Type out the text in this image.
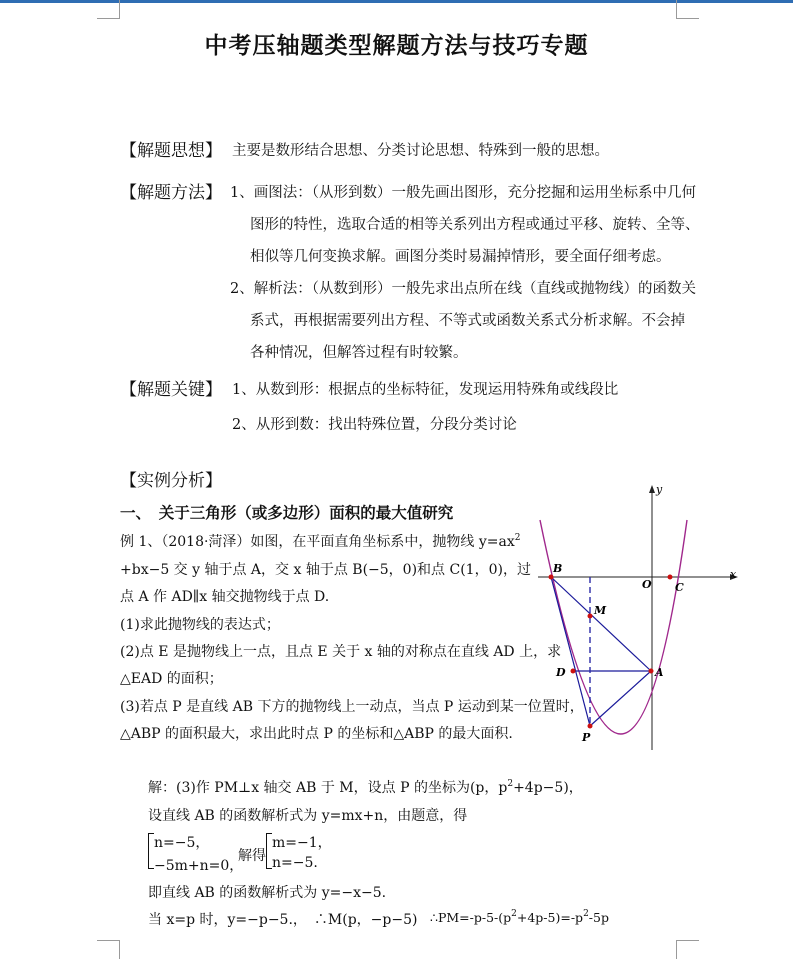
中考压轴题类型解题方法与技巧专题
【解题思想】 主要是数形结合思想、分类讨论思想、特殊到一般的思想。
【解题方法】 1、画图法：（从形到数）一般先画出图形，充分挖掘和运用坐标系中几何
图形的特性，选取合适的相等关系列出方程或通过平移、旋转、全等、
相似等几何变换求解。画图分类时易漏掉情形，要全面仔细考虑。
2、解析法：（从数到形）一般先求出点所在线（直线或抛物线）的函数关
系式，再根据需要列出方程、不等式或函数关系式分析求解。不会掉
各种情况，但解答过程有时较繁。
【解题关键】 1、从数到形：根据点的坐标特征，发现运用特殊角或线段比
2、从形到数：找出特殊位置，分段分类讨论
【实例分析】
一、　关于三角形（或多边形）面积的最大值研究
例 1、（2018·菏泽）如图，在平面直角坐标系中，抛物线 $y=ax^2$
+bx−5 交 y 轴于点 A，交 x 轴于点 B(−5，0)和点 C(1，0)，过
点 A 作 AD∥x 轴交抛物线于点 D.
(1)求此抛物线的表达式；
(2)点 E 是抛物线上一点，且点 E 关于 x 轴的对称点在直线 AD 上，求
△EAD 的面积；
(3)若点 P 是直线 AB 下方的抛物线上一动点，当点 P 运动到某一位置时，
△ABP 的面积最大，求出此时点 P 的坐标和△ABP 的最大面积.
y
x
B
O C
M
D	A
P
解：(3)作 PM⊥x 轴交 AB 于 M，设点 P 的坐标为(p，$p^2+4p-5$)，
设直线 AB 的函数解析式为 y=mx+n，由题意，得
n=−5，
−5m+n=0，
解得
m=−1，
n=−5.
即直线 AB 的函数解析式为 y=−x−5.
当 x=p 时，y=−p−5.，　∴M(p，−p−5) $\therefore PM=-p-5-(p^2+4p-5)=-p^2-5p$
